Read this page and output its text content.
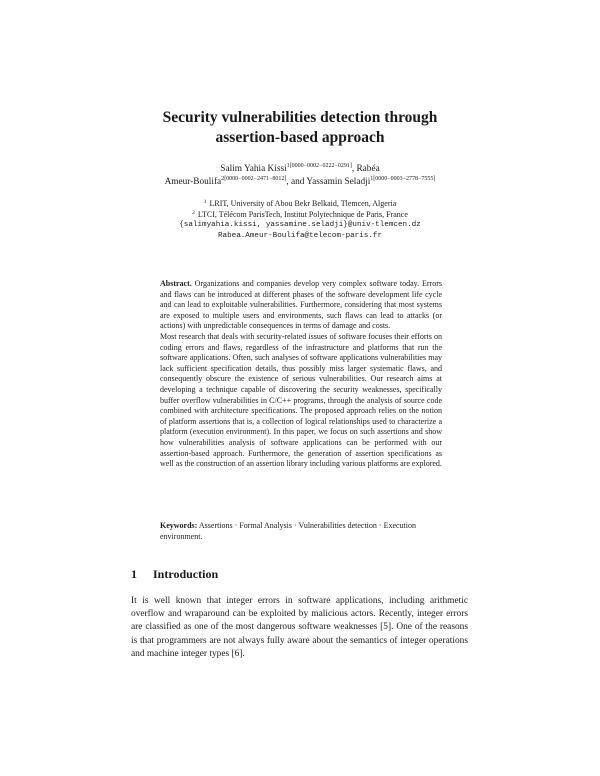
Security vulnerabilities detection through
assertion-based approach
Salim Yahia Kissi$^{1[0000-0002-0222-0291]}$, Rabéa
Ameur-Boulifa$^{2[0000-0002-2471-8012]}$, and Yassamin Seladji$^{1[0000-0003-2778-7555]}$
$^1$ LRIT, University of Abou Bekr Belkaid, Tlemcen, Algeria
$^2$ LTCI, Télécom ParisTech, Institut Polytechnique de Paris, France
{salimyahia.kissi, yassamine.seladji}@univ-tlemcen.dz
Rabea.Ameur-Boulifa@telecom-paris.fr

Abstract. Organizations and companies develop very complex software today. Errors and flaws can be introduced at different phases of the software development life cycle and can lead to exploitable vulnerabilities. Furthermore, considering that most systems are exposed to multiple users and environments, such flaws can lead to attacks (or actions) with unpredictable consequences in terms of damage and costs.

Most research that deals with security-related issues of software focuses their efforts on coding errors and flaws, regardless of the infrastructure and platforms that run the software applications. Often, such analyses of software applications vulnerabilities may lack sufficient specification details, thus possibly miss larger systematic flaws, and consequently obscure the existence of serious vulnerabilities. Our research aims at developing a technique capable of discovering the security weaknesses, specifically buffer overflow vulnerabilities in C/C++ programs, through the analysis of source code combined with architecture specifications. The proposed approach relies on the notion of platform assertions that is, a collection of logical relationships used to characterize a platform (execution environment). In this paper, we focus on such assertions and show how vulnerabilities analysis of software applications can be performed with our assertion-based approach. Furthermore, the generation of assertion specifications as well as the construction of an assertion library including various platforms are explored.

Keywords: Assertions · Formal Analysis · Vulnerabilities detection · Execution environment.
1 Introduction

It is well known that integer errors in software applications, including arithmetic overflow and wraparound can be exploited by malicious actors. Recently, integer errors are classified as one of the most dangerous software weaknesses [5]. One of the reasons is that programmers are not always fully aware about the semantics of integer operations and machine integer types [6].
